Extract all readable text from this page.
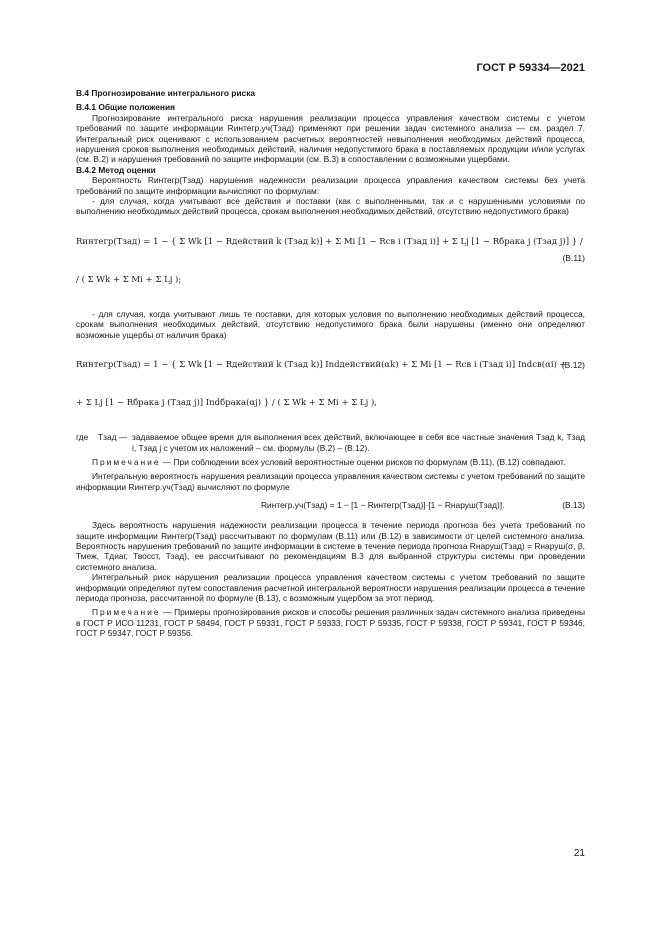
ГОСТ Р 59334—2021
В.4 Прогнозирование интегрального риска
В.4.1 Общие положения

Прогнозирование интегрального риска нарушения реализации процесса управления качеством системы с учетом требований по защите информации Rинтегр.уч(Тзад) применяют при решении задач системного анализа — см. раздел 7. Интегральный риск оценивают с использованием расчетных вероятностей невыполнения необходимых действий процесса, нарушения сроков выполнения необходимых действий, наличия недопустимого брака в поставляемых продукции и/или услугах (см. В.2) и нарушения требований по защите информации (см. В.3) в сопоставлении с возможными ущербами.

В.4.2 Метод оценки

Вероятность Rинтегр(Тзад) нарушения надежности реализации процесса управления качеством системы без учета требований по защите информации вычисляют по формулам:

- для случая, когда учитывают все действия и поставки (как с выполненными, так и с нарушенными условиями по выполнению необходимых действий процесса, срокам выполнения необходимых действий, отсутствию недопустимого брака)

Rинтегр(Тзад) = 1 − { Σ Wk [1 − Rдействий k (Тзад k)] + Σ Mi [1 − Rсв i (Тзад i)] + Σ Lj [1 − Rбрака j (Тзад j)] } /
/ ( Σ Wk + Σ Mi + Σ Lj );
(В.11)

- для случая, когда учитывают лишь те поставки, для которых условия по выполнению необходимых действий процесса, срокам выполнения необходимых действий, отсутствию недопустимого брака были нарушены (именно они определяют возможные ущербы от наличия брака)

Rинтегр(Тзад) = 1 − { Σ Wk [1 − Rдействий k (Тзад k)] Indдействий(αk) + Σ Mi [1 − Rсв i (Тзад i)] Indсв(αi) +
+ Σ Lj [1 − Rбрака j (Тзад j)] Indбрака(αj) } / ( Σ Wk + Σ Mi + Σ Lj ),
(В.12)
где	Тзад — задаваемое общее время для выполнения всех действий, включающее в себя все частные значения Тзад k, Тзад i, Тзад j с учетом их наложений – см. формулы (В.2) – (В.12).

Примечание — При соблюдении всех условий вероятностные оценки рисков по формулам (В.11), (В.12) совпадают.

Интегральную вероятность нарушения реализации процесса управления качеством системы с учетом требований по защите информации Rинтегр.уч(Тзад) вычисляют по формуле

Rинтегр.уч(Тзад) = 1 − [1 − Rинтегр(Тзад)]·[1 − Rнаруш(Тзад)].	(В.13)

Здесь вероятность нарушения надежности реализации процесса в течение периода прогноза без учета требований по защите информации Rинтегр(Тзад) рассчитывают по формулам (В.11) или (В.12) в зависимости от целей системного анализа. Вероятность нарушения требований по защите информации в системе в течение периода прогноза Rнаруш(Тзад) = Rнаруш(σ, β, Тмеж, Тдиаг, Твосст, Тзад), ее рассчитывают по рекомендациям В.3 для выбранной структуры системы при проведении системного анализа.

Интегральный риск нарушения реализации процесса управления качеством системы с учетом требований по защите информации определяют путем сопоставления расчетной интегральной вероятности нарушения реализации процесса в течение периода прогноза, рассчитанной по формуле (В.13), с возможным ущербом за этот период.

Примечание — Примеры прогнозирования рисков и способы решения различных задач системного анализа приведены в ГОСТ Р ИСО 11231, ГОСТ Р 58494, ГОСТ Р 59331, ГОСТ Р 59333, ГОСТ Р 59335, ГОСТ Р 59338, ГОСТ Р 59341, ГОСТ Р 59346, ГОСТ Р 59347, ГОСТ Р 59356.

21
